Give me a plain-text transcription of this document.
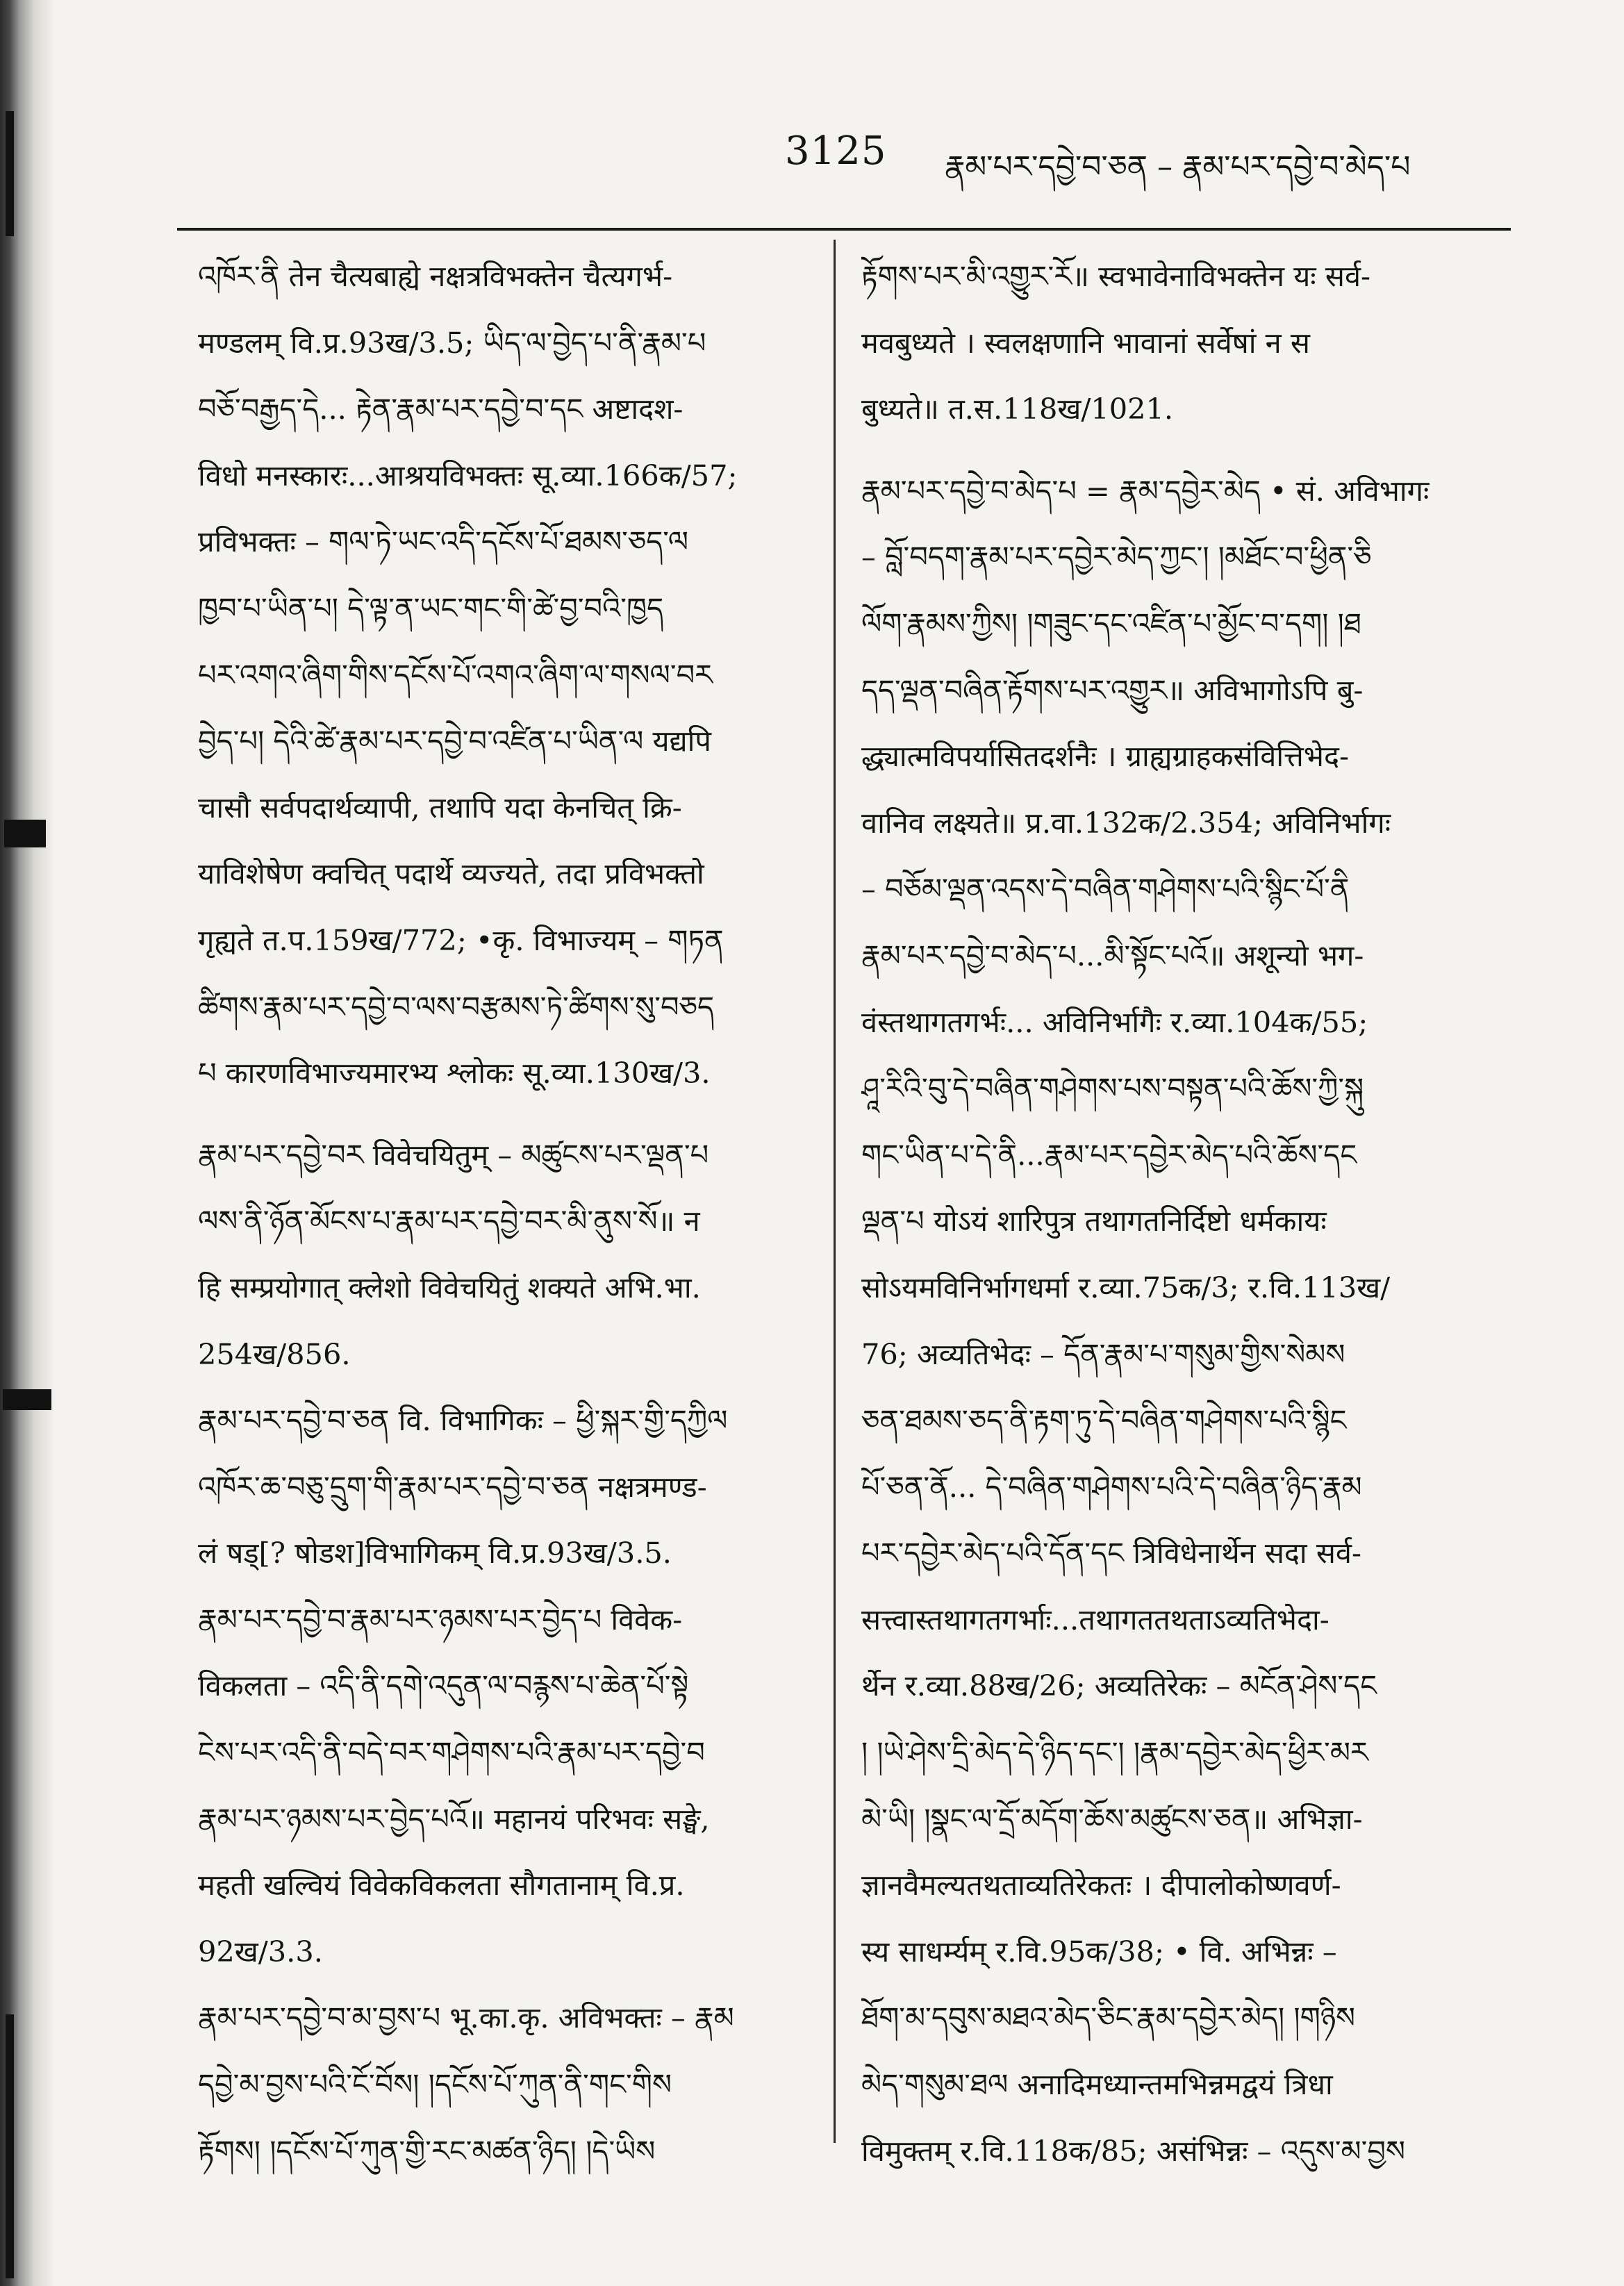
3125 རྣམ་པར་དབྱེ་བ་ཅན – རྣམ་པར་དབྱེ་བ་མེད་པ
འཁོར་ནི तेन चैत्यबाह्ये नक्षत्रविभक्तेन चैत्यगर्भ-
मण्डलम् वि.प्र.93ख/3.5; ཡིད་ལ་བྱེད་པ་ནི་རྣམ་པ
བཅོ་བརྒྱད་དེ... རྟེན་རྣམ་པར་དབྱེ་བ་དང अष्टादश-
विधो मनस्कारः...आश्रयविभक्तः सू.व्या.166क/57;
प्रविभक्तः – གལ་ཏེ་ཡང་འདི་དངོས་པོ་ཐམས་ཅད་ལ
ཁྱབ་པ་ཡིན་པ། དེ་ལྟ་ན་ཡང་གང་གི་ཚེ་བྱ་བའི་ཁྱད
པར་འགའ་ཞིག་གིས་དངོས་པོ་འགའ་ཞིག་ལ་གསལ་བར
བྱེད་པ། དེའི་ཚེ་རྣམ་པར་དབྱེ་བ་འཛིན་པ་ཡིན་ལ यद्यपि
चासौ सर्वपदार्थव्यापी, तथापि यदा केनचित् क्रि-
याविशेषेण क्वचित् पदार्थे व्यज्यते, तदा प्रविभक्तो
गृह्यते त.प.159ख/772; •कृ. विभाज्यम् – གཏན
ཚིགས་རྣམ་པར་དབྱེ་བ་ལས་བརྩམས་ཏེ་ཚིགས་སུ་བཅད
པ कारणविभाज्यमारभ्य श्लोकः सू.व्या.130ख/3.
རྣམ་པར་དབྱེ་བར विवेचयितुम् – མཚུངས་པར་ལྡན་པ
ལས་ནི་ཉོན་མོངས་པ་རྣམ་པར་དབྱེ་བར་མི་ནུས་སོ॥ न
हि सम्प्रयोगात् क्लेशो विवेचयितुं शक्यते अभि.भा.
254ख/856.
རྣམ་པར་དབྱེ་བ་ཅན वि. विभागिकः – ཕྱི་སྐར་གྱི་དཀྱིལ
འཁོར་ཆ་བཅུ་དྲུག་གི་རྣམ་པར་དབྱེ་བ་ཅན नक्षत्रमण्ड-
लं षड्[? षोडश]विभागिकम् वि.प्र.93ख/3.5.
རྣམ་པར་དབྱེ་བ་རྣམ་པར་ཉམས་པར་བྱེད་པ विवेक-
विकलता – འདི་ནི་དགེ་འདུན་ལ་བརྙས་པ་ཆེན་པོ་སྟེ
ངེས་པར་འདི་ནི་བདེ་བར་གཤེགས་པའི་རྣམ་པར་དབྱེ་བ
རྣམ་པར་ཉམས་པར་བྱེད་པའོ॥ महानयं परिभवः सङ्घे,
महती खल्वियं विवेकविकलता सौगतानाम् वि.प्र.
92ख/3.3.
རྣམ་པར་དབྱེ་བ་མ་བྱས་པ भू.का.कृ. अविभक्तः – རྣམ
དབྱེ་མ་བྱས་པའི་ངོ་བོས། །དངོས་པོ་ཀུན་ནི་གང་གིས
རྟོགས། །དངོས་པོ་ཀུན་གྱི་རང་མཚན་ཉིད། །དེ་ཡིས
རྟོགས་པར་མི་འགྱུར་རོ॥ स्वभावेनाविभक्तेन यः सर्व-
मवबुध्यते । स्वलक्षणानि भावानां सर्वेषां न स
बुध्यते॥ त.स.118ख/1021.
རྣམ་པར་དབྱེ་བ་མེད་པ = རྣམ་དབྱེར་མེད • सं. अविभागः
– བློ་བདག་རྣམ་པར་དབྱེར་མེད་ཀྱང་། །མཐོང་བ་ཕྱིན་ཅི
ལོག་རྣམས་ཀྱིས། །གཟུང་དང་འཛིན་པ་མྱོང་བ་དག། །ཐ
དད་ལྡན་བཞིན་རྟོགས་པར་འགྱུར॥ अविभागोऽपि बु-
द्ध्यात्मविपर्यासितदर्शनैः । ग्राह्यग्राहकसंवित्तिभेद-
वानिव लक्ष्यते॥ प्र.वा.132क/2.354; अविनिर्भागः
– བཅོམ་ལྡན་འདས་དེ་བཞིན་གཤེགས་པའི་སྙིང་པོ་ནི
རྣམ་པར་དབྱེ་བ་མེད་པ...མི་སྟོང་པའོ॥ अशून्यो भग-
वंस्तथागतगर्भः... अविनिर्भागैः र.व्या.104क/55;
ཤཱ་རིའི་བུ་དེ་བཞིན་གཤེགས་པས་བསྟན་པའི་ཆོས་ཀྱི་སྐུ
གང་ཡིན་པ་དེ་ནི...རྣམ་པར་དབྱེར་མེད་པའི་ཆོས་དང
ལྡན་པ योऽयं शारिपुत्र तथागतनिर्दिष्टो धर्मकायः
सोऽयमविनिर्भागधर्मा र.व्या.75क/3; र.वि.113ख/
76; अव्यतिभेदः – དོན་རྣམ་པ་གསུམ་གྱིས་སེམས
ཅན་ཐམས་ཅད་ནི་རྟག་ཏུ་དེ་བཞིན་གཤེགས་པའི་སྙིང
པོ་ཅན་ནོ... དེ་བཞིན་གཤེགས་པའི་དེ་བཞིན་ཉིད་རྣམ
པར་དབྱེར་མེད་པའི་དོན་དང त्रिविधेनार्थेन सदा सर्व-
सत्त्वास्तथागतगर्भाः...तथागततथताऽव्यतिभेदा-
र्थेन र.व्या.88ख/26; अव्यतिरेकः – མངོན་ཤེས་དང
། །ཡེ་ཤེས་དྲི་མེད་དེ་ཉིད་དང་། །རྣམ་དབྱེར་མེད་ཕྱིར་མར
མེ་ཡི། །སྣང་ལ་དྲོ་མདོག་ཆོས་མཚུངས་ཅན॥ अभिज्ञा-
ज्ञानवैमल्यतथताव्यतिरेकतः । दीपालोकोष्णवर्ण-
स्य साधर्म्यम् र.वि.95क/38; • वि. अभिन्नः –
ཐོག་མ་དབུས་མཐའ་མེད་ཅིང་རྣམ་དབྱེར་མེད། །གཉིས
མེད་གསུམ་ཐལ अनादिमध्यान्तमभिन्नमद्वयं त्रिधा
विमुक्तम् र.वि.118क/85; असंभिन्नः – འདུས་མ་བྱས
